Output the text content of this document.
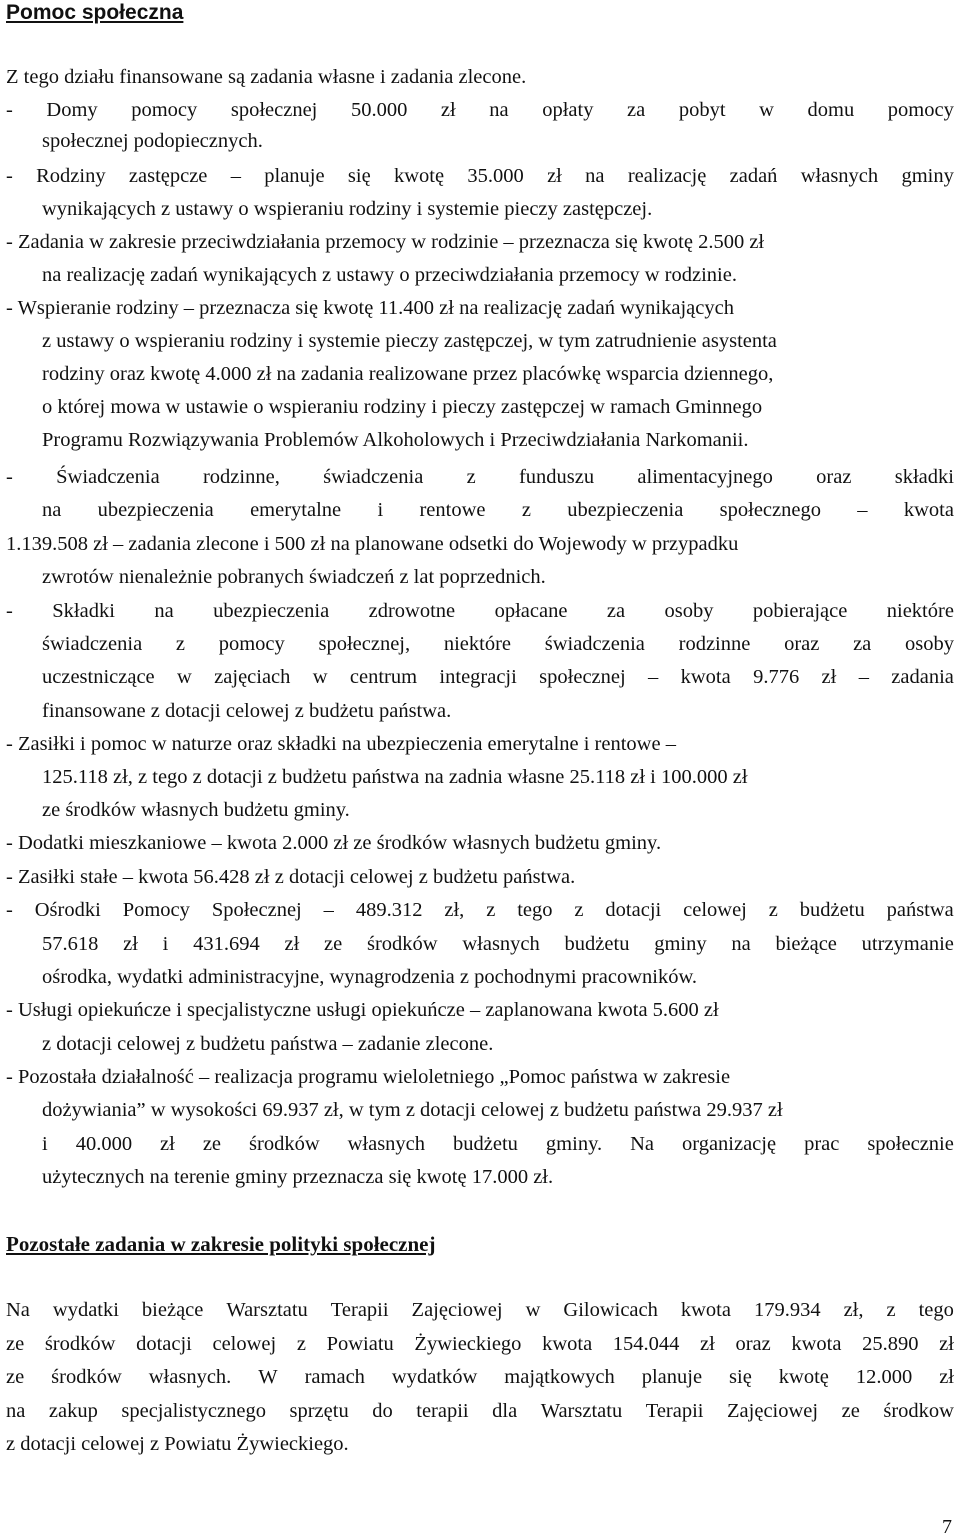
Pomoc społeczna
Z tego działu finansowane są zadania własne i zadania zlecone.
- Domy pomocy społecznej 50.000 zł na opłaty za pobyt w domu pomocy
społecznej podopiecznych.
- Rodziny zastępcze – planuje się kwotę 35.000 zł na realizację zadań własnych gminy
wynikających z ustawy o wspieraniu rodziny i systemie pieczy zastępczej.
- Zadania w zakresie przeciwdziałania przemocy w rodzinie – przeznacza się kwotę 2.500 zł
na realizację zadań wynikających z ustawy o przeciwdziałania przemocy w rodzinie.
- Wspieranie rodziny – przeznacza się kwotę 11.400 zł na realizację zadań wynikających
z ustawy o wspieraniu rodziny i systemie pieczy zastępczej, w tym zatrudnienie asystenta
rodziny oraz kwotę 4.000 zł na zadania realizowane przez placówkę wsparcia dziennego,
o której mowa w ustawie o wspieraniu rodziny i pieczy zastępczej w ramach Gminnego
Programu Rozwiązywania Problemów Alkoholowych i Przeciwdziałania Narkomanii.
- Świadczenia rodzinne, świadczenia z funduszu alimentacyjnego oraz składki
na ubezpieczenia emerytalne i rentowe z ubezpieczenia społecznego – kwota
1.139.508 zł – zadania zlecone i 500 zł na planowane odsetki do Wojewody w przypadku
zwrotów nienależnie pobranych świadczeń z lat poprzednich.
- Składki na ubezpieczenia zdrowotne opłacane za osoby pobierające niektóre
świadczenia z pomocy społecznej, niektóre świadczenia rodzinne oraz za osoby
uczestniczące w zajęciach w centrum integracji społecznej – kwota 9.776 zł – zadania
finansowane z dotacji celowej z budżetu państwa.
- Zasiłki i pomoc w naturze oraz składki na ubezpieczenia emerytalne i rentowe –
125.118 zł, z tego z dotacji z budżetu państwa na zadnia własne 25.118 zł i 100.000 zł
ze środków własnych budżetu gminy.
- Dodatki mieszkaniowe – kwota 2.000 zł ze środków własnych budżetu gminy.
- Zasiłki stałe – kwota 56.428 zł z dotacji celowej z budżetu państwa.
- Ośrodki Pomocy Społecznej – 489.312 zł, z tego z dotacji celowej z budżetu państwa
57.618 zł i 431.694 zł ze środków własnych budżetu gminy na bieżące utrzymanie
ośrodka, wydatki administracyjne, wynagrodzenia z pochodnymi pracowników.
- Usługi opiekuńcze i specjalistyczne usługi opiekuńcze – zaplanowana kwota 5.600 zł
z dotacji celowej z budżetu państwa – zadanie zlecone.
- Pozostała działalność – realizacja programu wieloletniego „Pomoc państwa w zakresie
dożywiania” w wysokości 69.937 zł, w tym z dotacji celowej z budżetu państwa 29.937 zł
i 40.000 zł ze środków własnych budżetu gminy. Na organizację prac społecznie
użytecznych na terenie gminy przeznacza się kwotę 17.000 zł.
Pozostałe zadania w zakresie polityki społecznej
Na wydatki bieżące Warsztatu Terapii Zajęciowej w Gilowicach kwota 179.934 zł, z tego
ze środków dotacji celowej z Powiatu Żywieckiego kwota 154.044 zł oraz kwota 25.890 zł
ze środków własnych. W ramach wydatków majątkowych planuje się kwotę 12.000 zł
na zakup specjalistycznego sprzętu do terapii dla Warsztatu Terapii Zajęciowej ze środkow
z dotacji celowej z Powiatu Żywieckiego.
7
